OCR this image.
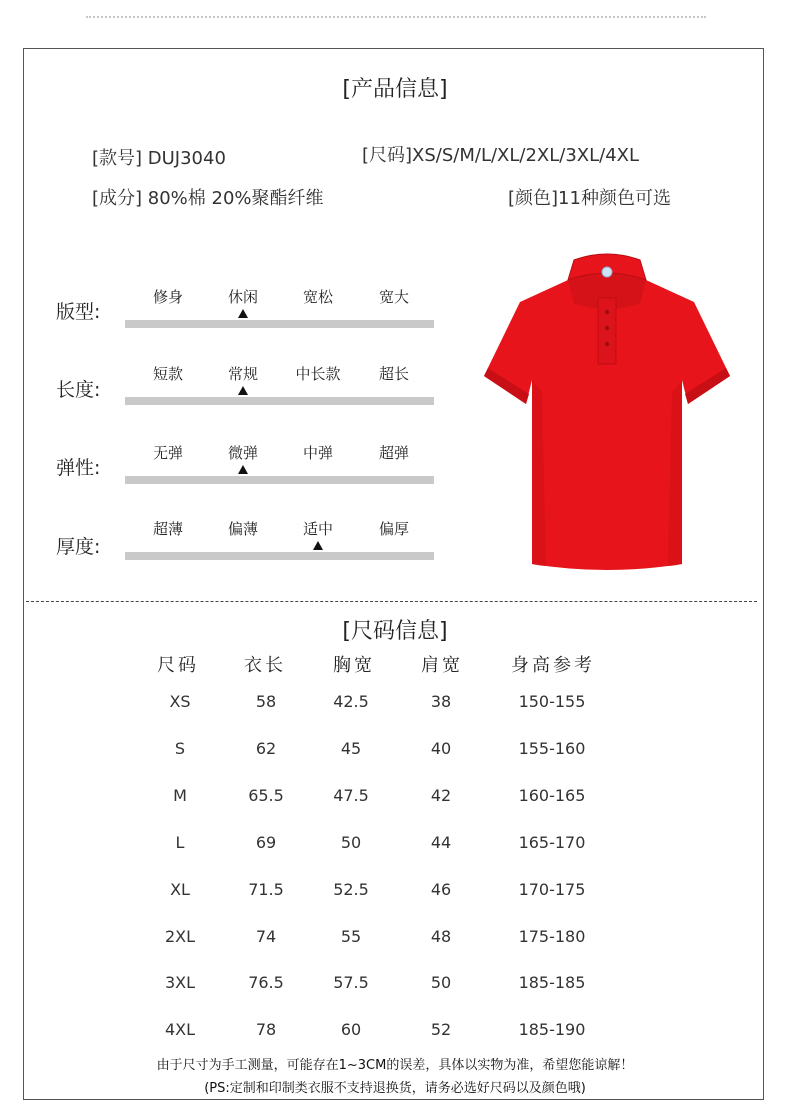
[产品信息]
[款号] DUJ3040	[尺码]XS/S/M/L/XL/2XL/3XL/4XL
[成分] 80%棉 20%聚酯纤维	[颜色]11种颜色可选
版型:
修身	休闲	宽松	宽大
长度:
短款	常规	中长款	超长
弹性:
无弹	微弹	中弹	超弹
厚度:
超薄	偏薄	适中	偏厚
[尺码信息]
尺码	衣长	胸宽	肩宽	身高参考
XS	58	42.5	38	150-155
S	62	45	40	155-160
M	65.5	47.5	42	160-165
L	69	50	44	165-170
XL	71.5	52.5	46	170-175
2XL	74	55	48	175-180
3XL	76.5	57.5	50	185-185
4XL	78	60	52	185-190
由于尺寸为手工测量，可能存在1~3CM的误差，具体以实物为准，希望您能谅解！
(PS:定制和印制类衣服不支持退换货，请务必选好尺码以及颜色哦)
